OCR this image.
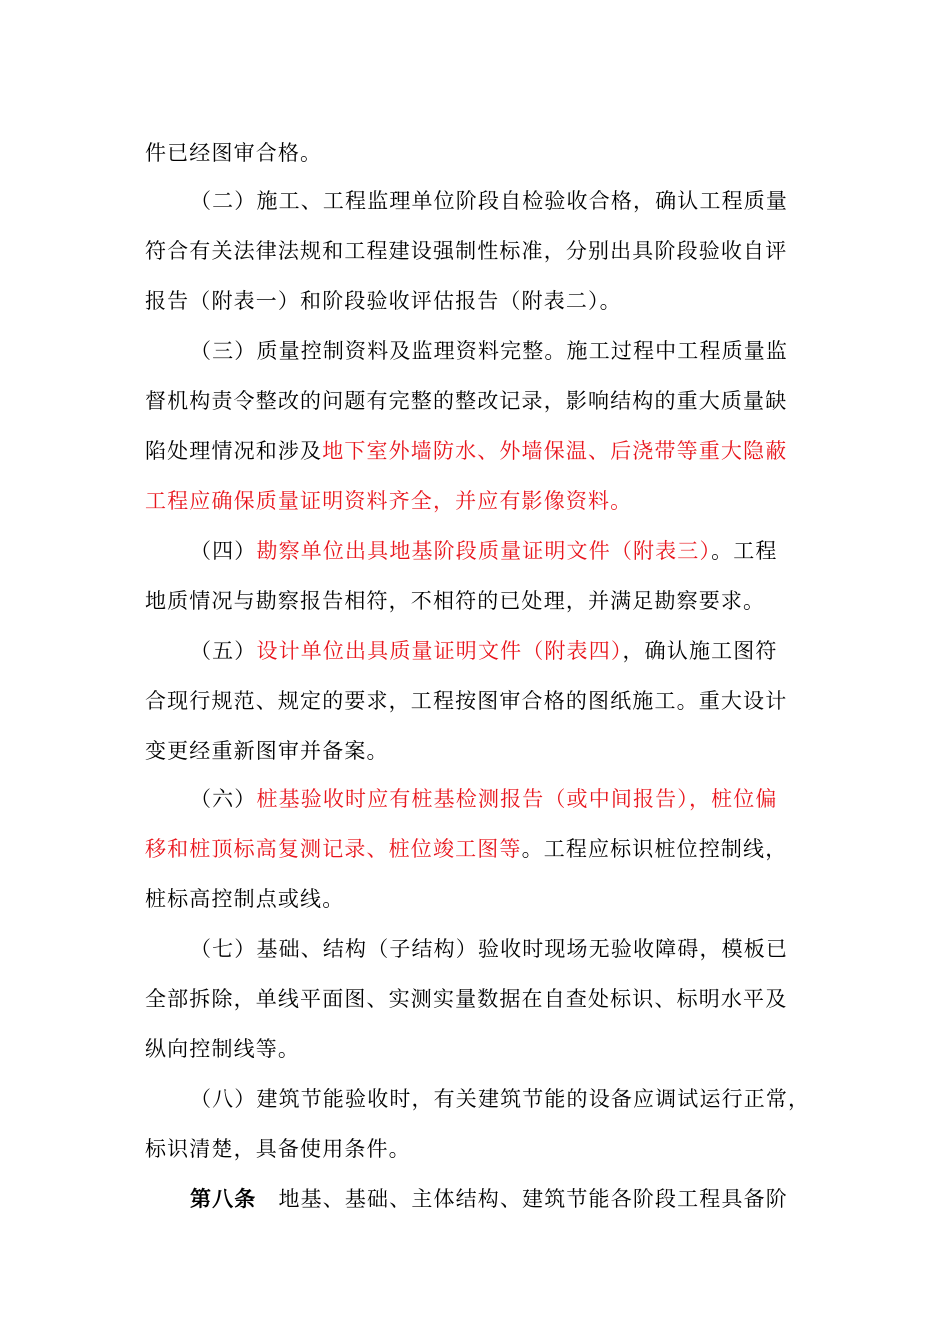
件已经图审合格。
（二）施工、工程监理单位阶段自检验收合格，确认工程质量
符合有关法律法规和工程建设强制性标准，分别出具阶段验收自评
报告（附表一）和阶段验收评估报告（附表二）。
（三）质量控制资料及监理资料完整。施工过程中工程质量监
督机构责令整改的问题有完整的整改记录，影响结构的重大质量缺
陷处理情况和涉及地下室外墙防水、外墙保温、后浇带等重大隐蔽
工程应确保质量证明资料齐全，并应有影像资料。
（四）勘察单位出具地基阶段质量证明文件（附表三）。工程
地质情况与勘察报告相符，不相符的已处理，并满足勘察要求。
（五）设计单位出具质量证明文件（附表四），确认施工图符
合现行规范、规定的要求，工程按图审合格的图纸施工。重大设计
变更经重新图审并备案。
（六）桩基验收时应有桩基检测报告（或中间报告），桩位偏
移和桩顶标高复测记录、桩位竣工图等。工程应标识桩位控制线，
桩标高控制点或线。
（七）基础、结构（子结构）验收时现场无验收障碍，模板已
全部拆除，单线平面图、实测实量数据在自查处标识、标明水平及
纵向控制线等。
（八）建筑节能验收时，有关建筑节能的设备应调试运行正常，
标识清楚，具备使用条件。
第八条 地基、基础、主体结构、建筑节能各阶段工程具备阶
